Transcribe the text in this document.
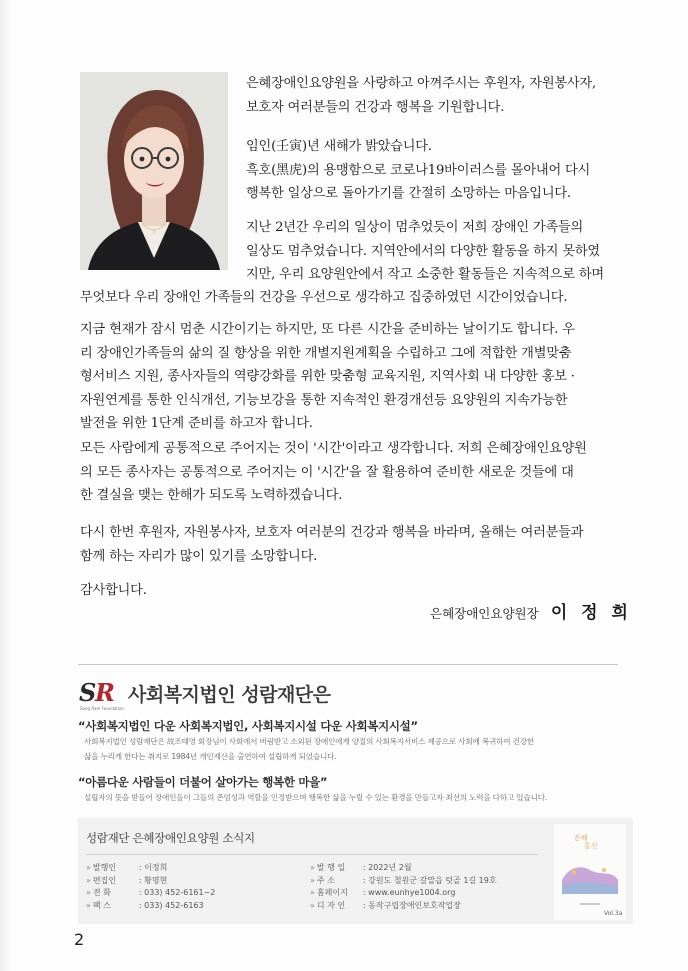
은혜장애인요양원을 사랑하고 아껴주시는 후원자, 자원봉사자,

보호자 여러분들의 건강과 행복을 기원합니다.

임인(壬寅)년 새해가 밝았습니다.

흑호(黑虎)의 용맹함으로 코로나19바이러스를 몰아내어 다시

행복한 일상으로 돌아가기를 간절히 소망하는 마음입니다.

지난 2년간 우리의 일상이 멈추었듯이 저희 장애인 가족들의

일상도 멈추었습니다. 지역안에서의 다양한 활동을 하지 못하였

지만, 우리 요양원안에서 작고 소중한 활동들은 지속적으로 하며

무엇보다 우리 장애인 가족들의 건강을 우선으로 생각하고 집중하였던 시간이었습니다.

지금 현재가 잠시 멈춘 시간이기는 하지만, 또 다른 시간을 준비하는 날이기도 합니다. 우

리 장애인가족들의 삶의 질 향상을 위한 개별지원계획을 수립하고 그에 적합한 개별맞춤

형서비스 지원, 종사자들의 역량강화를 위한 맞춤형 교육지원, 지역사회 내 다양한 홍보 ·

자원연계를 통한 인식개선, 기능보강을 통한 지속적인 환경개선등 요양원의 지속가능한

발전을 위한 1단계 준비를 하고자 합니다.

모든 사람에게 공통적으로 주어지는 것이 '시간'이라고 생각합니다. 저희 은혜장애인요양원

의 모든 종사자는 공통적으로 주어지는 이 '시간'을 잘 활용하여 준비한 새로운 것들에 대

한 결실을 맺는 한해가 되도록 노력하겠습니다.

다시 한번 후원자, 자원봉사자, 보호자 여러분의 건강과 행복을 바라며, 올해는 여러분들과

함께 하는 자리가 많이 있기를 소망합니다.

감사합니다.

은혜장애인요양원장 이 정 희
S
R
Song Ram Foundation
사회복지법인 성람재단은
“사회복지법인 다운 사회복지법인, 사회복지시설 다운 사회복지시설”
사회복지법인 성람재단은 故조태영 회장님이 사회에서 버림받고 소외된 장애인에게 양질의 사회복지서비스 제공으로 사회에 복귀하여 건강한
삶을 누리게 한다는 취지로 1984년 개인재산을 출연하여 설립하게 되었습니다.
“아름다운 사람들이 더불어 살아가는 행복한 마을”
설립자의 뜻을 받들어 장애인들이 그들의 존엄성과 역할을 인정받으며 행복한 삶을 누릴 수 있는 환경을 만들고자 최선의 노력을 다하고 있습니다.
성람재단 은혜장애인요양원 소식지
» 발행인	: 이정희
» 편집인	: 황명현
» 전 화	: 033) 452-6161~2
» 팩 스	: 033) 452-6163
» 발 행 일 : 2022년 2월
» 주 소	: 강원도 철원군 갈말읍 텃골 1길 19호
» 홈페이지 : www.eunhye1004.org
» 디 자 인 : 동작구립장애인보호작업장
은혜
통신
Vol.3a
2
